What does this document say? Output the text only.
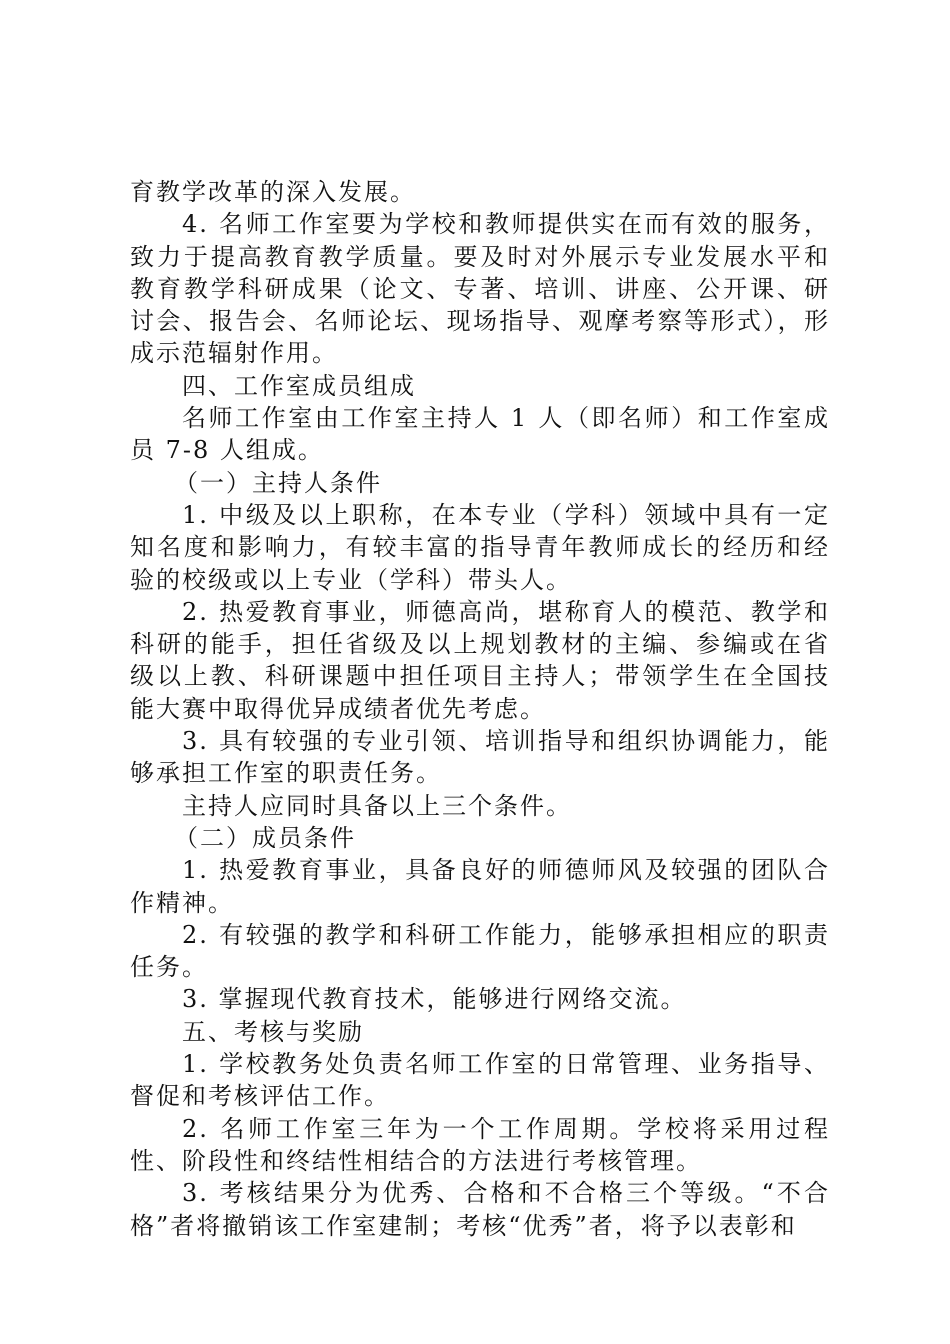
育教学改革的深入发展。

4. 名师工作室要为学校和教师提供实在而有效的服务，致力于提高教育教学质量。要及时对外展示专业发展水平和教育教学科研成果（论文、专著、培训、讲座、公开课、研讨会、报告会、名师论坛、现场指导、观摩考察等形式），形成示范辐射作用。

四、工作室成员组成

名师工作室由工作室主持人 1 人（即名师）和工作室成员 7-8 人组成。

（一）主持人条件

1. 中级及以上职称，在本专业（学科）领域中具有一定知名度和影响力，有较丰富的指导青年教师成长的经历和经验的校级或以上专业（学科）带头人。

2. 热爱教育事业，师德高尚，堪称育人的模范、教学和科研的能手，担任省级及以上规划教材的主编、参编或在省级以上教、科研课题中担任项目主持人；带领学生在全国技能大赛中取得优异成绩者优先考虑。

3. 具有较强的专业引领、培训指导和组织协调能力，能够承担工作室的职责任务。

主持人应同时具备以上三个条件。

（二）成员条件

1. 热爱教育事业，具备良好的师德师风及较强的团队合作精神。

2. 有较强的教学和科研工作能力，能够承担相应的职责任务。

3. 掌握现代教育技术，能够进行网络交流。

五、考核与奖励

1. 学校教务处负责名师工作室的日常管理、业务指导、督促和考核评估工作。

2. 名师工作室三年为一个工作周期。学校将采用过程性、阶段性和终结性相结合的方法进行考核管理。

3. 考核结果分为优秀、合格和不合格三个等级。“不合格”者将撤销该工作室建制；考核“优秀”者，将予以表彰和
